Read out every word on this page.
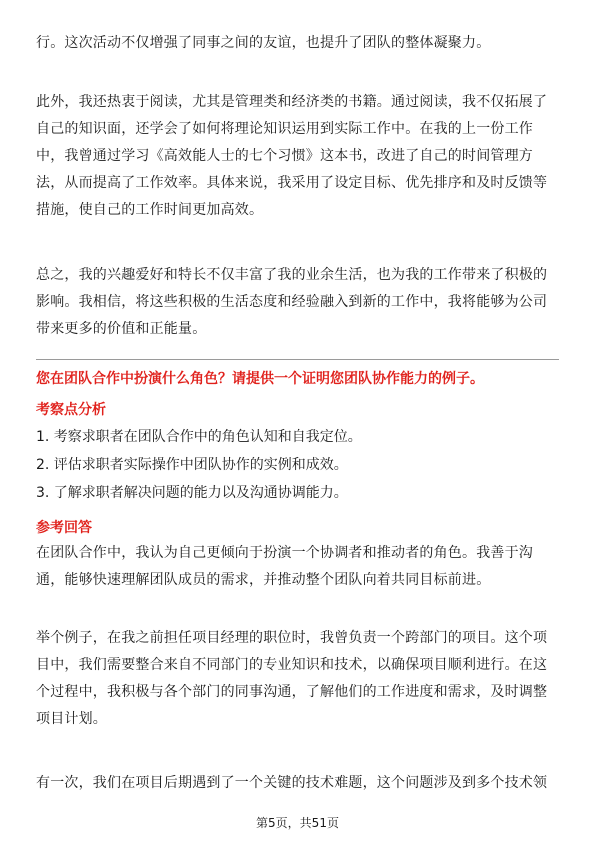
行。这次活动不仅增强了同事之间的友谊，也提升了团队的整体凝聚力。

此外，我还热衷于阅读，尤其是管理类和经济类的书籍。通过阅读，我不仅拓展了
自己的知识面，还学会了如何将理论知识运用到实际工作中。在我的上一份工作
中，我曾通过学习《高效能人士的七个习惯》这本书，改进了自己的时间管理方
法，从而提高了工作效率。具体来说，我采用了设定目标、优先排序和及时反馈等
措施，使自己的工作时间更加高效。

总之，我的兴趣爱好和特长不仅丰富了我的业余生活，也为我的工作带来了积极的
影响。我相信，将这些积极的生活态度和经验融入到新的工作中，我将能够为公司
带来更多的价值和正能量。

您在团队合作中扮演什么角色？请提供一个证明您团队协作能力的例子。
考察点分析
1. 考察求职者在团队合作中的角色认知和自我定位。
2. 评估求职者实际操作中团队协作的实例和成效。
3. 了解求职者解决问题的能力以及沟通协调能力。
参考回答

在团队合作中，我认为自己更倾向于扮演一个协调者和推动者的角色。我善于沟
通，能够快速理解团队成员的需求，并推动整个团队向着共同目标前进。

举个例子，在我之前担任项目经理的职位时，我曾负责一个跨部门的项目。这个项
目中，我们需要整合来自不同部门的专业知识和技术，以确保项目顺利进行。在这
个过程中，我积极与各个部门的同事沟通，了解他们的工作进度和需求，及时调整
项目计划。

有一次，我们在项目后期遇到了一个关键的技术难题，这个问题涉及到多个技术领

第5页，共51页
